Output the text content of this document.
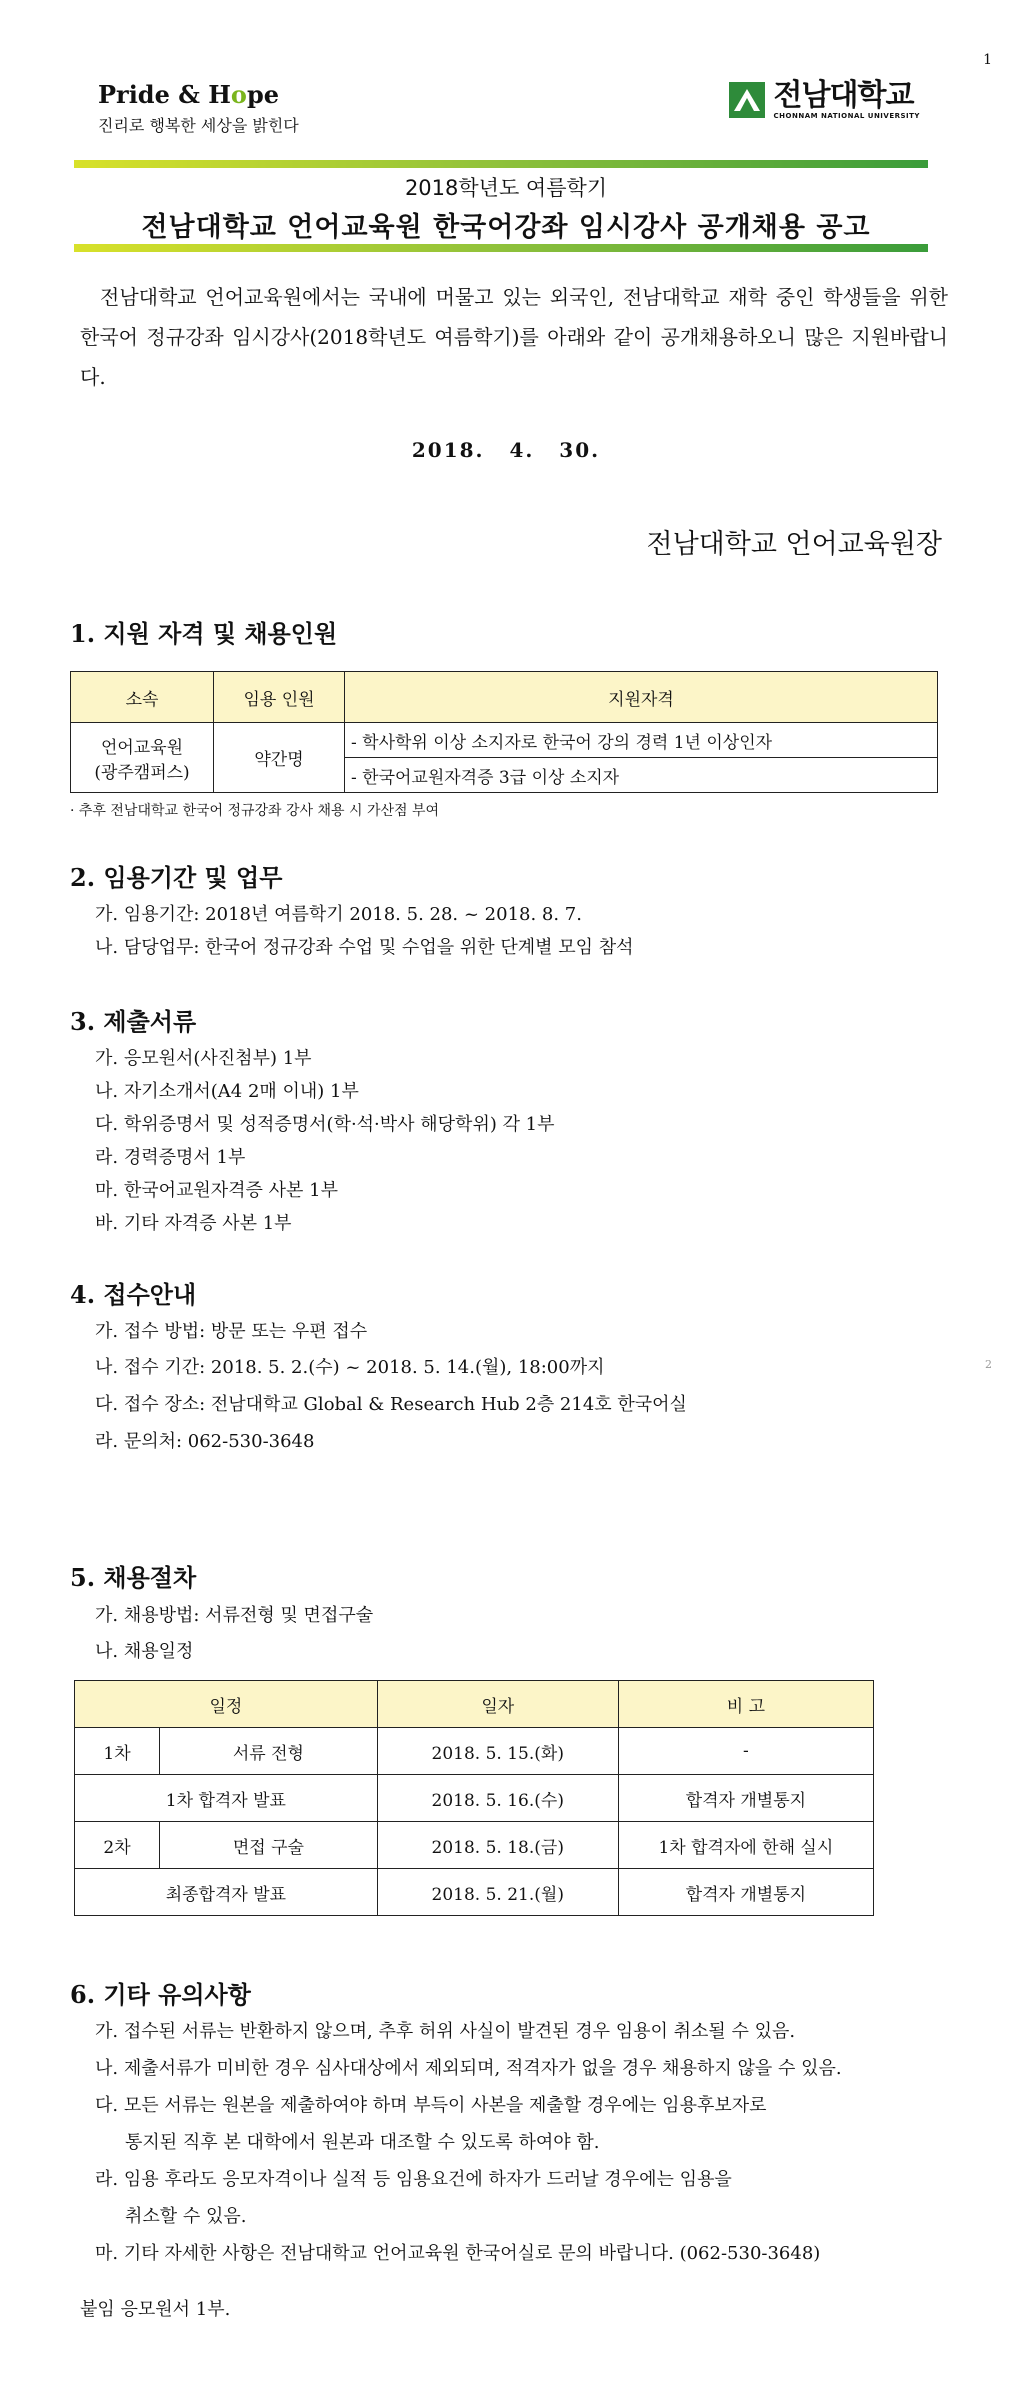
1
2
Pride & Hope
진리로 행복한 세상을 밝힌다
전남대학교
CHONNAM NATIONAL UNIVERSITY
2018학년도 여름학기
전남대학교 언어교육원 한국어강좌 임시강사 공개채용 공고
전남대학교 언어교육원에서는 국내에 머물고 있는 외국인, 전남대학교 재학 중인 학생들을 위한 한국어 정규강좌 임시강사(2018학년도 여름학기)를 아래와 같이 공개채용하오니 많은 지원바랍니다.
2018. 4. 30.
전남대학교 언어교육원장
1. 지원 자격 및 채용인원
소속	임용 인원	지원자격

언어교육원
(광주캠퍼스)	약간명	- 학사학위 이상 소지자로 한국어 강의 경력 1년 이상인자
		- 한국어교원자격증 3급 이상 소지자
· 추후 전남대학교 한국어 정규강좌 강사 채용 시 가산점 부여
2. 임용기간 및 업무
가. 임용기간: 2018년 여름학기 2018. 5. 28. ~ 2018. 8. 7.
나. 담당업무: 한국어 정규강좌 수업 및 수업을 위한 단계별 모임 참석
3. 제출서류
가. 응모원서(사진첨부) 1부
나. 자기소개서(A4 2매 이내) 1부
다. 학위증명서 및 성적증명서(학·석·박사 해당학위) 각 1부
라. 경력증명서 1부
마. 한국어교원자격증 사본 1부
바. 기타 자격증 사본 1부
4. 접수안내
가. 접수 방법: 방문 또는 우편 접수
나. 접수 기간: 2018. 5. 2.(수) ~ 2018. 5. 14.(월), 18:00까지
다. 접수 장소: 전남대학교 Global & Research Hub 2층 214호 한국어실
라. 문의처: 062-530-3648
5. 채용절차
가. 채용방법: 서류전형 및 면접구술
나. 채용일정
일정		일자	비 고
1차	서류 전형	2018. 5. 15.(화)	-
1차 합격자 발표		2018. 5. 16.(수)	합격자 개별통지
2차	면접 구술	2018. 5. 18.(금)	1차 합격자에 한해 실시
최종합격자 발표		2018. 5. 21.(월)	합격자 개별통지
6. 기타 유의사항
가. 접수된 서류는 반환하지 않으며, 추후 허위 사실이 발견된 경우 임용이 취소될 수 있음.
나. 제출서류가 미비한 경우 심사대상에서 제외되며, 적격자가 없을 경우 채용하지 않을 수 있음.
다. 모든 서류는 원본을 제출하여야 하며 부득이 사본을 제출할 경우에는 임용후보자로
통지된 직후 본 대학에서 원본과 대조할 수 있도록 하여야 함.
라. 임용 후라도 응모자격이나 실적 등 임용요건에 하자가 드러날 경우에는 임용을
취소할 수 있음.
마. 기타 자세한 사항은 전남대학교 언어교육원 한국어실로 문의 바랍니다. (062-530-3648)
붙임 응모원서 1부.
